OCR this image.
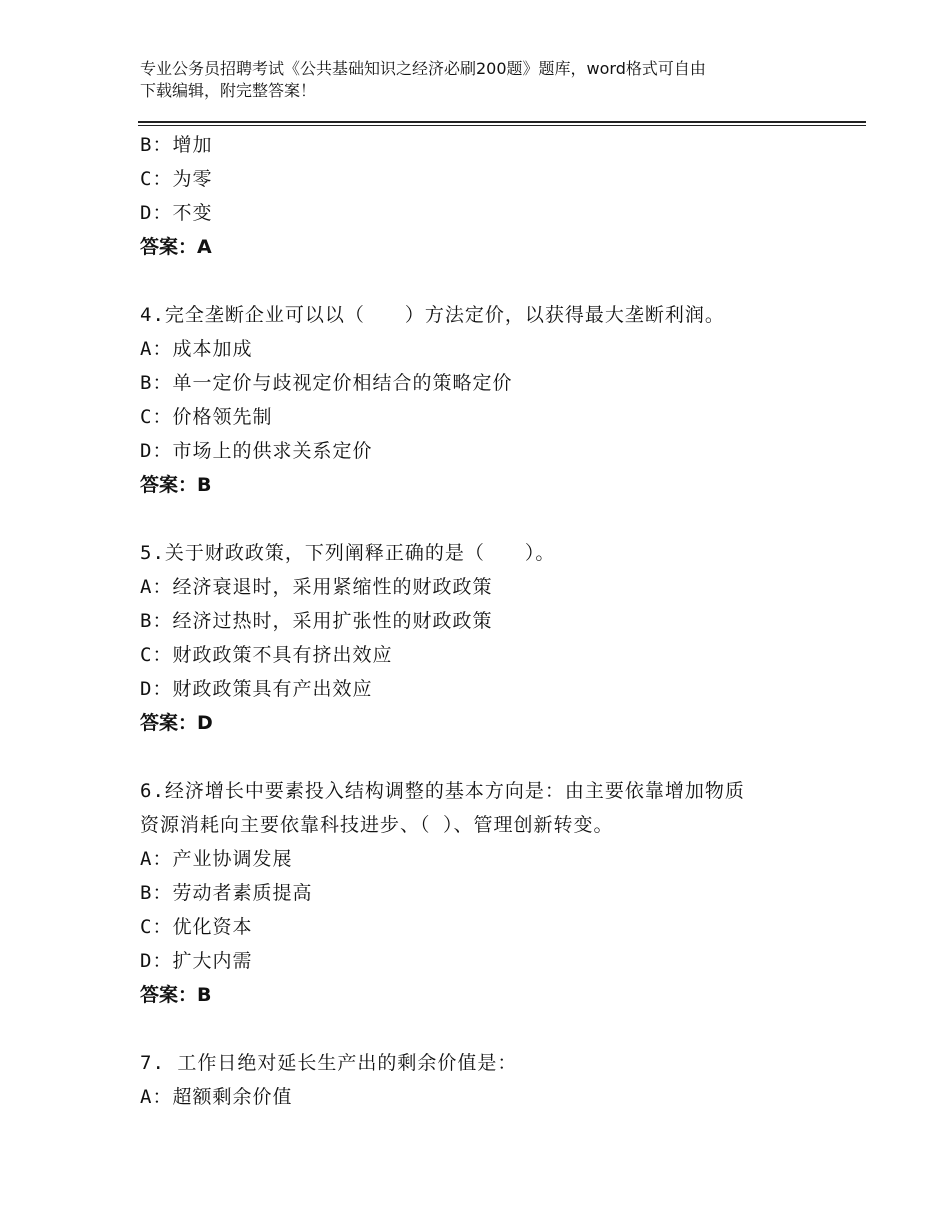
专业公务员招聘考试《公共基础知识之经济必刷200题》题库，word格式可自由
下载编辑，附完整答案！
B：增加
C：为零
D：不变
答案：A
4.完全垄断企业可以以（　　）方法定价，以获得最大垄断利润。
A：成本加成
B：单一定价与歧视定价相结合的策略定价
C：价格领先制
D：市场上的供求关系定价
答案：B
5.关于财政政策，下列阐释正确的是（　　）。
A：经济衰退时，采用紧缩性的财政政策
B：经济过热时，采用扩张性的财政政策
C：财政政策不具有挤出效应
D：财政政策具有产出效应
答案：D
6.经济增长中要素投入结构调整的基本方向是：由主要依靠增加物质
资源消耗向主要依靠科技进步、（ ）、管理创新转变。
A：产业协调发展
B：劳动者素质提高
C：优化资本
D：扩大内需
答案：B
7. 工作日绝对延长生产出的剩余价值是：
A：超额剩余价值
